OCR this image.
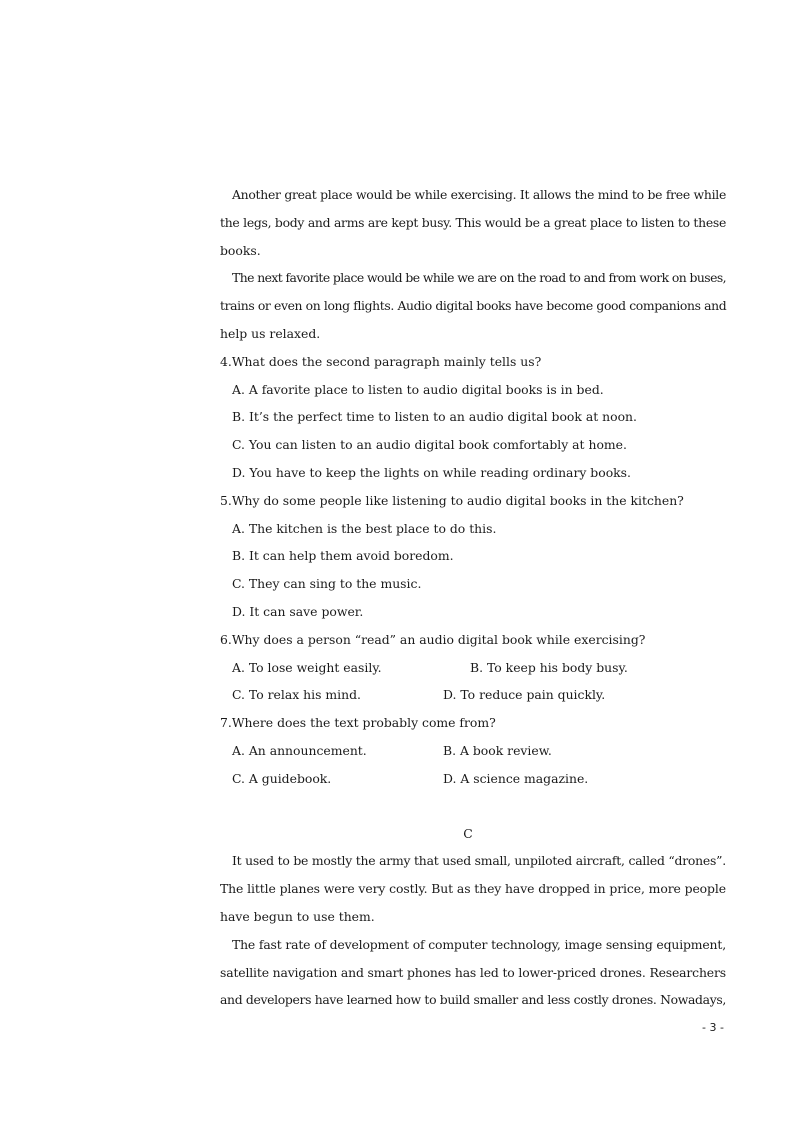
Another great place would be while exercising. It allows the mind to be free while
the legs, body and arms are kept busy. This would be a great place to listen to these
books.
The next favorite place would be while we are on the road to and from work on buses,
trains or even on long flights. Audio digital books have become good companions and
help us relaxed.
4.What does the second paragraph mainly tells us?
A. A favorite place to listen to audio digital books is in bed.
B. It’s the perfect time to listen to an audio digital book at noon.
C. You can listen to an audio digital book comfortably at home.
D. You have to keep the lights on while reading ordinary books.
5.Why do some people like listening to audio digital books in the kitchen?
A. The kitchen is the best place to do this.
B. It can help them avoid boredom.
C. They can sing to the music.
D. It can save power.
6.Why does a person “read” an audio digital book while exercising?
A. To lose weight easily.	B. To keep his body busy.
C. To relax his mind.	D. To reduce pain quickly.
7.Where does the text probably come from?
A. An announcement.	B. A book review.
C. A guidebook.	D. A science magazine.
C
It used to be mostly the army that used small, unpiloted aircraft, called “drones”.
The little planes were very costly. But as they have dropped in price, more people
have begun to use them.
The fast rate of development of computer technology, image sensing equipment,
satellite navigation and smart phones has led to lower-priced drones. Researchers
and developers have learned how to build smaller and less costly drones. Nowadays,
- 3 -
